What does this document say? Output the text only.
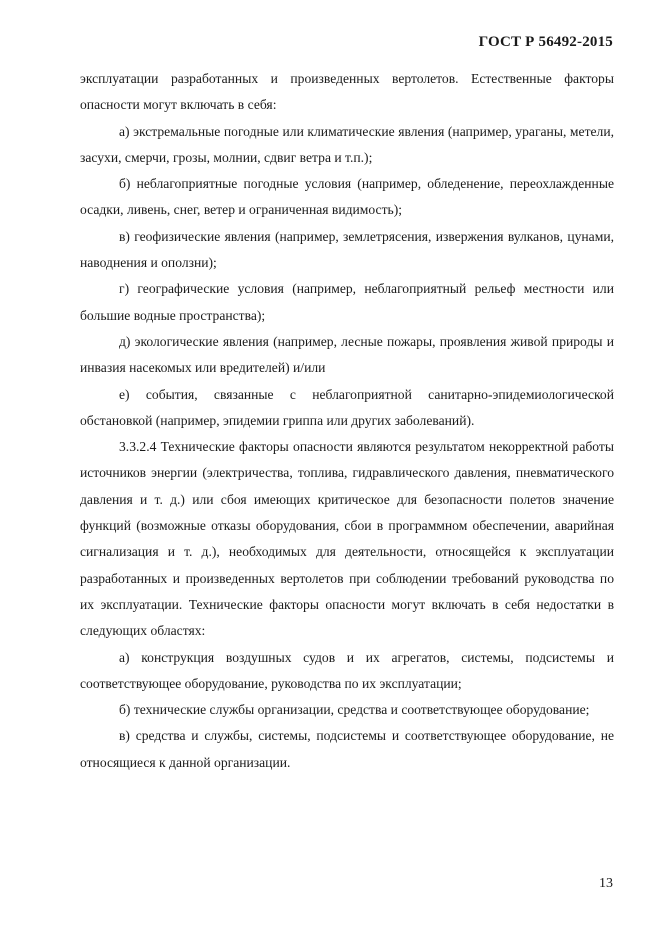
ГОСТ Р 56492-2015

эксплуатации разработанных и произведенных вертолетов. Естественные факторы опасности могут включать в себя:

а) экстремальные погодные или климатические явления (например, ураганы, метели, засухи, смерчи, грозы, молнии, сдвиг ветра и т.п.);

б) неблагоприятные погодные условия (например, обледенение, переохлажденные осадки, ливень, снег, ветер и ограниченная видимость);

в) геофизические явления (например, землетрясения, извержения вулканов, цунами, наводнения и оползни);

г) географические условия (например, неблагоприятный рельеф местности или большие водные пространства);

д) экологические явления (например, лесные пожары, проявления живой природы и инвазия насекомых или вредителей) и/или

е) события, связанные с неблагоприятной санитарно-эпидемиологической обстановкой (например, эпидемии гриппа или других заболеваний).

3.3.2.4 Технические факторы опасности являются результатом некорректной работы источников энергии (электричества, топлива, гидравлического давления, пневматического давления и т. д.) или сбоя имеющих критическое для безопасности полетов значение функций (возможные отказы оборудования, сбои в программном обеспечении, аварийная сигнализация и т. д.), необходимых для деятельности, относящейся к эксплуатации разработанных и произведенных вертолетов при соблюдении требований руководства по их эксплуатации. Технические факторы опасности могут включать в себя недостатки в следующих областях:

а) конструкция воздушных судов и их агрегатов, системы, подсистемы и соответствующее оборудование, руководства по их эксплуатации;

б) технические службы организации, средства и соответствующее оборудование;

в) средства и службы, системы, подсистемы и соответствующее оборудование, не относящиеся к данной организации.

13
